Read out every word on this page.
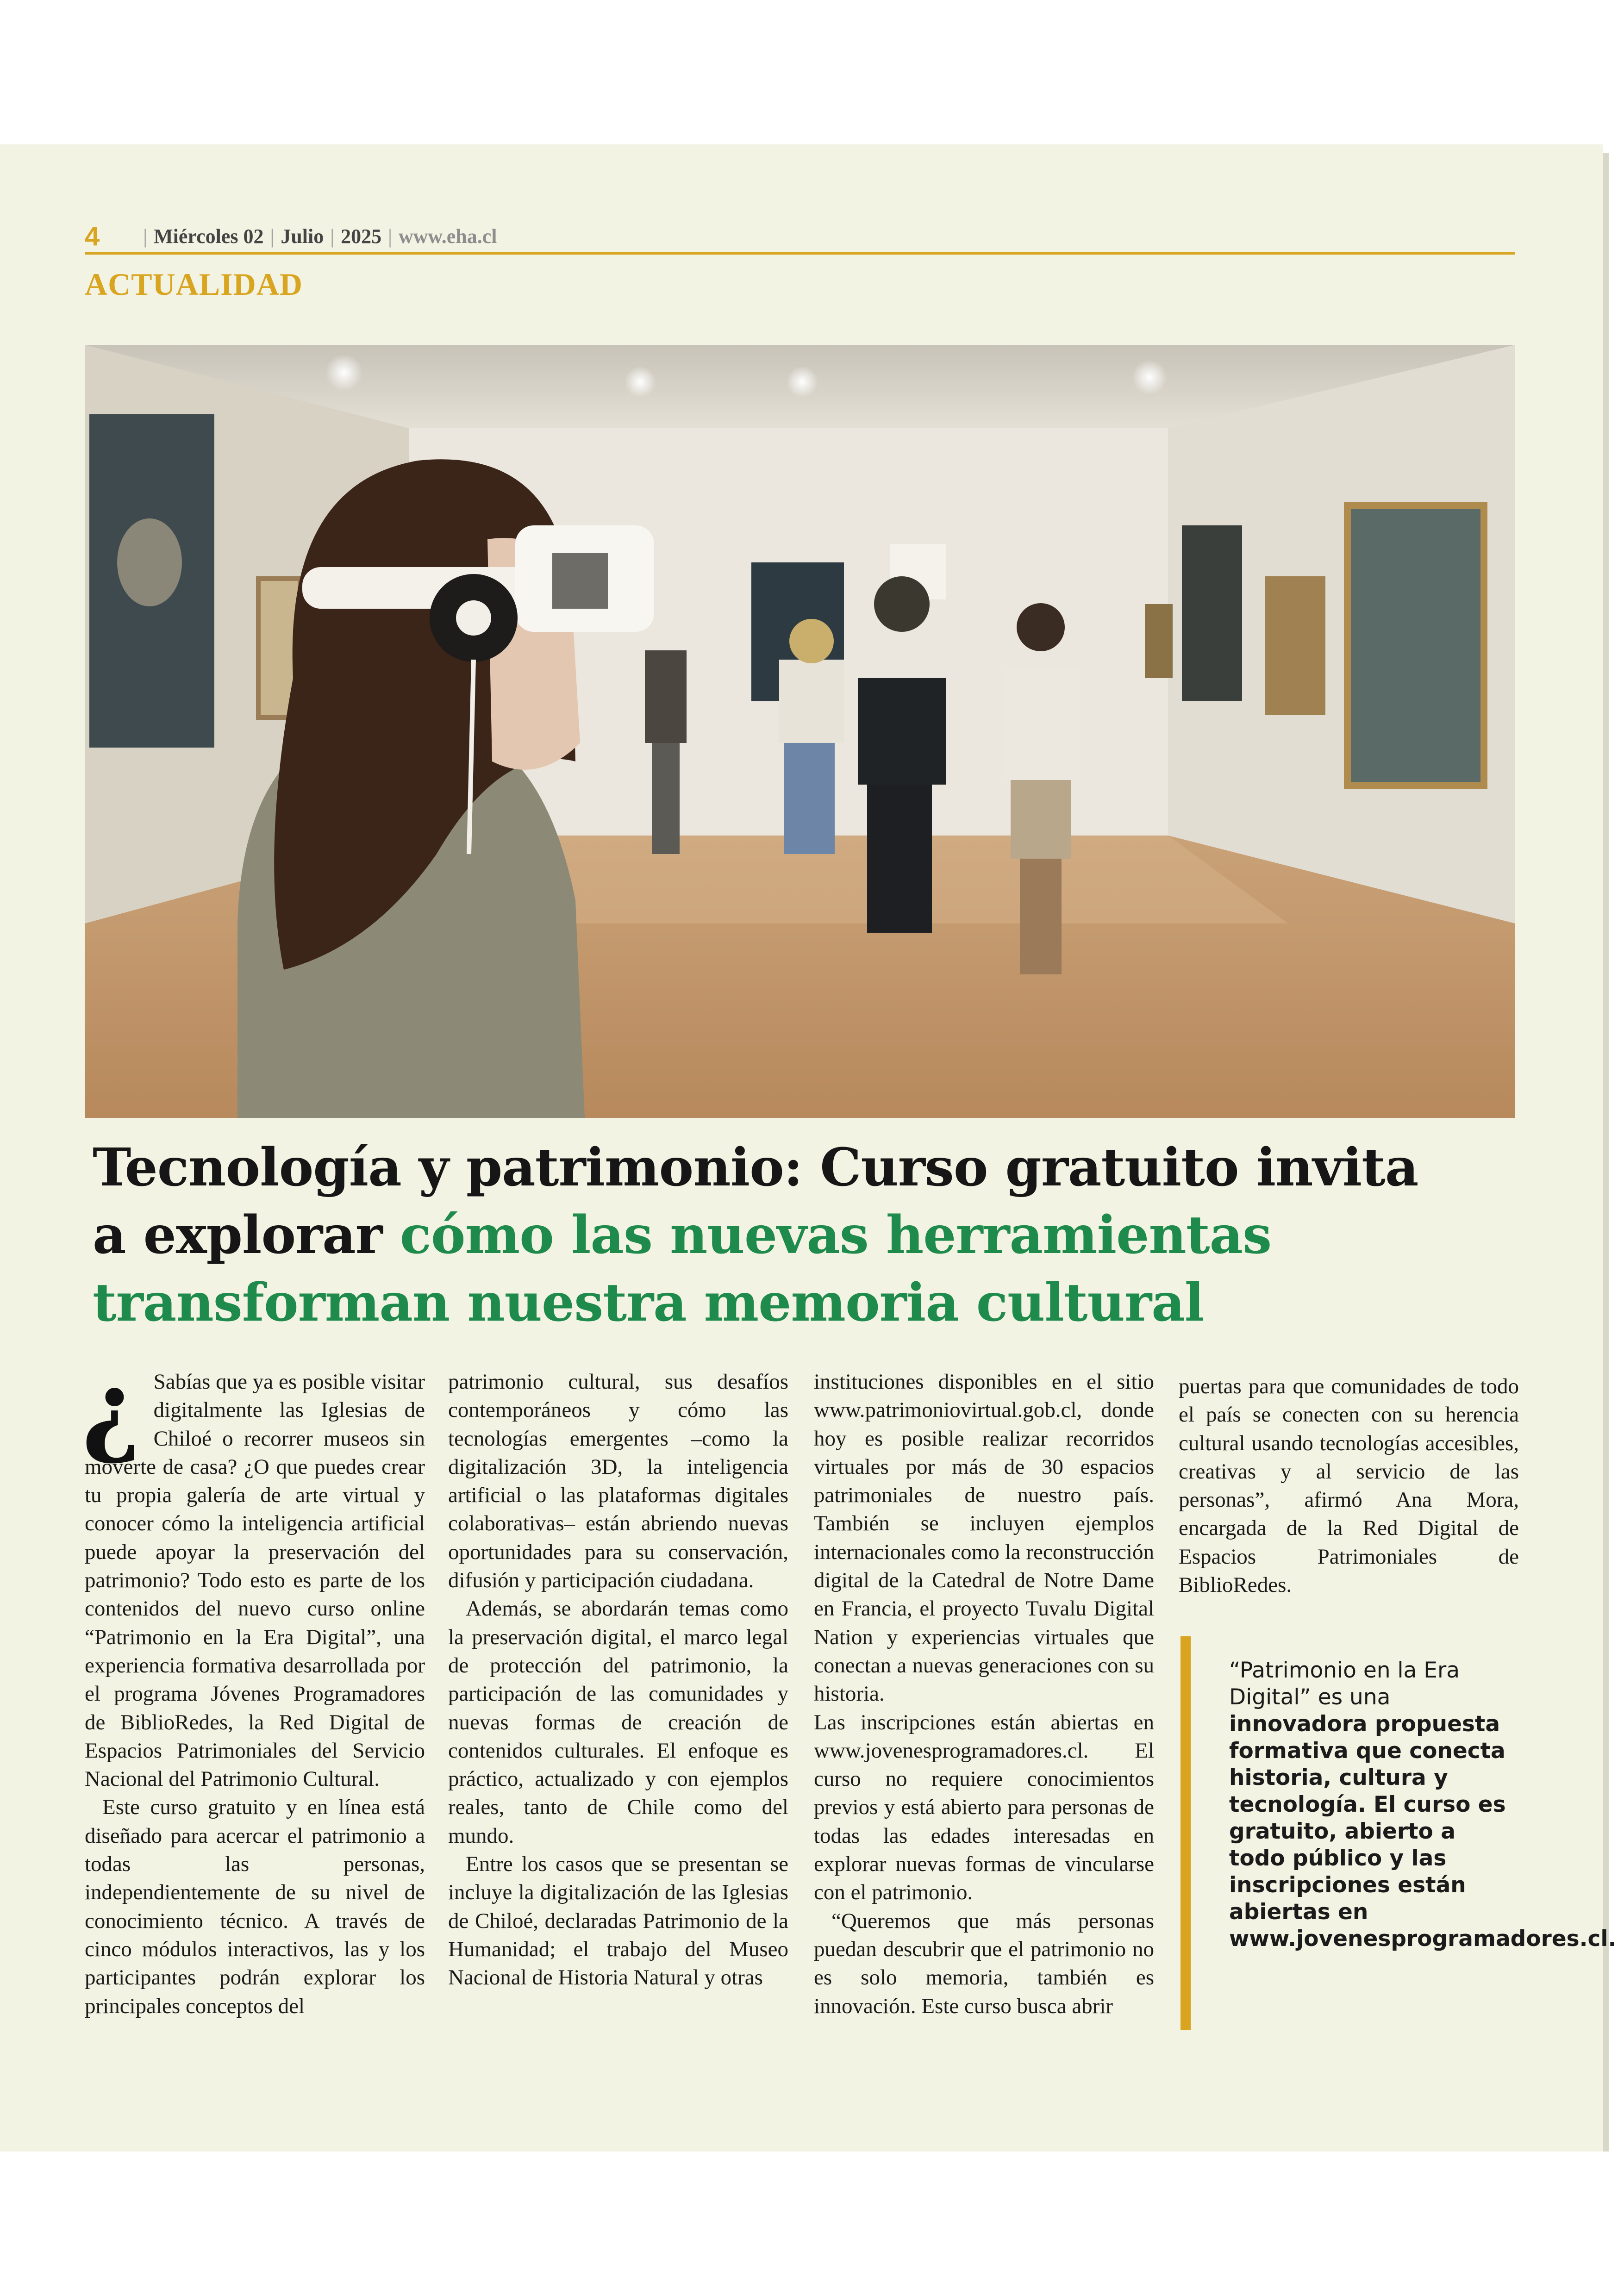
4 | Miércoles 02 | Julio | 2025 | www.eha.cl
ACTUALIDAD
Tecnología y patrimonio: Curso gratuito invita
a explorar cómo las nuevas herramientas
transforman nuestra memoria cultural

¿ Sabías que ya es posible visitar digitalmente las Iglesias de Chiloé o recorrer museos sin moverte de casa? ¿O que puedes crear tu propia galería de arte virtual y conocer cómo la inteligencia artificial puede apoyar la preservación del patrimonio? Todo esto es parte de los contenidos del nuevo curso online “Patrimonio en la Era Digital”, una experiencia formativa desarrollada por el programa Jóvenes Programadores de BiblioRedes, la Red Digital de Espacios Patrimoniales del Servicio Nacional del Patrimonio Cultural.

Este curso gratuito y en línea está diseñado para acercar el patrimonio a todas las personas, independientemente de su nivel de conocimiento técnico. A través de cinco módulos interactivos, las y los participantes podrán explorar los principales conceptos del

patrimonio cultural, sus desafíos contemporáneos y cómo las tecnologías emergentes –como la digitalización 3D, la inteligencia artificial o las plataformas digitales colaborativas– están abriendo nuevas oportunidades para su conservación, difusión y participación ciudadana.

Además, se abordarán temas como la preservación digital, el marco legal de protección del patrimonio, la participación de las comunidades y nuevas formas de creación de contenidos culturales. El enfoque es práctico, actualizado y con ejemplos reales, tanto de Chile como del mundo.

Entre los casos que se presentan se incluye la digitalización de las Iglesias de Chiloé, declaradas Patrimonio de la Humanidad; el trabajo del Museo Nacional de Historia Natural y otras

instituciones disponibles en el sitio www.patrimoniovirtual.gob.cl, donde hoy es posible realizar recorridos virtuales por más de 30 espacios patrimoniales de nuestro país. También se incluyen ejemplos internacionales como la reconstrucción digital de la Catedral de Notre Dame en Francia, el proyecto Tuvalu Digital Nation y experiencias virtuales que conectan a nuevas generaciones con su historia.

Las inscripciones están abiertas en www.jovenesprogramadores.cl. El curso no requiere conocimientos previos y está abierto para personas de todas las edades interesadas en explorar nuevas formas de vincularse con el patrimonio.

“Queremos que más personas puedan descubrir que el patrimonio no es solo memoria, también es innovación. Este curso busca abrir

puertas para que comunidades de todo el país se conecten con su herencia cultural usando tecnologías accesibles, creativas y al servicio de las personas”, afirmó Ana Mora, encargada de la Red Digital de Espacios Patrimoniales de BiblioRedes.

“Patrimonio en la Era Digital” es una innovadora propuesta formativa que conecta historia, cultura y tecnología. El curso es gratuito, abierto a todo público y las inscripciones están abiertas en www.jovenesprogramadores.cl.
